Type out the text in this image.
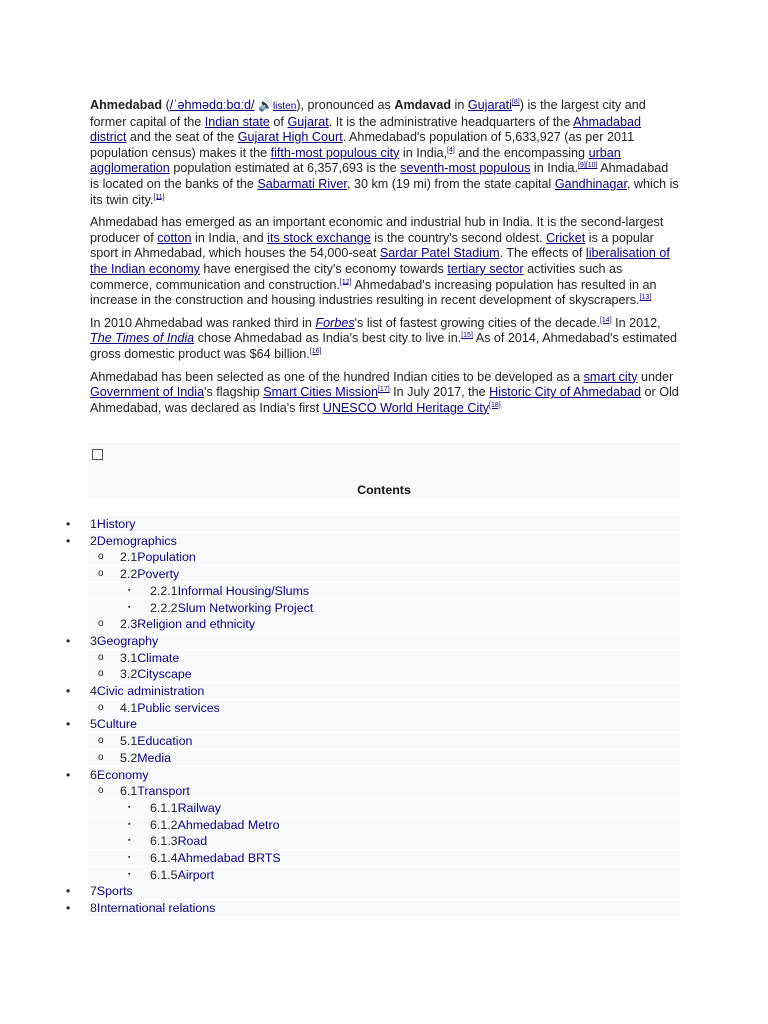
Ahmedabad (/ˈəhmədɑːbɑːd/ 🔊listen), pronounced as Amdavad in Gujarati[8]) is the largest city and former capital of the Indian state of Gujarat. It is the administrative headquarters of the Ahmadabad district and the seat of the Gujarat High Court. Ahmedabad's population of 5,633,927 (as per 2011 population census) makes it the fifth-most populous city in India,[4] and the encompassing urban agglomeration population estimated at 6,357,693 is the seventh-most populous in India.[9][10] Ahmadabad is located on the banks of the Sabarmati River, 30 km (19 mi) from the state capital Gandhinagar, which is its twin city.[11]

Ahmedabad has emerged as an important economic and industrial hub in India. It is the second-largest producer of cotton in India, and its stock exchange is the country's second oldest. Cricket is a popular sport in Ahmedabad, which houses the 54,000-seat Sardar Patel Stadium. The effects of liberalisation of the Indian economy have energised the city's economy towards tertiary sector activities such as commerce, communication and construction.[12] Ahmedabad's increasing population has resulted in an increase in the construction and housing industries resulting in recent development of skyscrapers.[13]

In 2010 Ahmedabad was ranked third in Forbes's list of fastest growing cities of the decade.[14] In 2012, The Times of India chose Ahmedabad as India's best city to live in.[15] As of 2014, Ahmedabad's estimated gross domestic product was $64 billion.[16]

Ahmedabad has been selected as one of the hundred Indian cities to be developed as a smart city under Government of India's flagship Smart Cities Mission[17] In July 2017, the Historic City of Ahmedabad or Old Ahmedabad, was declared as India's first UNESCO World Heritage City[18]

Contents
• 1History
• 2Demographics
o 2.1Population
o 2.2Poverty
▪ 2.2.1Informal Housing/Slums
▪ 2.2.2Slum Networking Project
o 2.3Religion and ethnicity
• 3Geography
o 3.1Climate
o 3.2Cityscape
• 4Civic administration
o 4.1Public services
• 5Culture
o 5.1Education
o 5.2Media
• 6Economy
o 6.1Transport
▪ 6.1.1Railway
▪ 6.1.2Ahmedabad Metro
▪ 6.1.3Road
▪ 6.1.4Ahmedabad BRTS
▪ 6.1.5Airport
• 7Sports
• 8International relations
